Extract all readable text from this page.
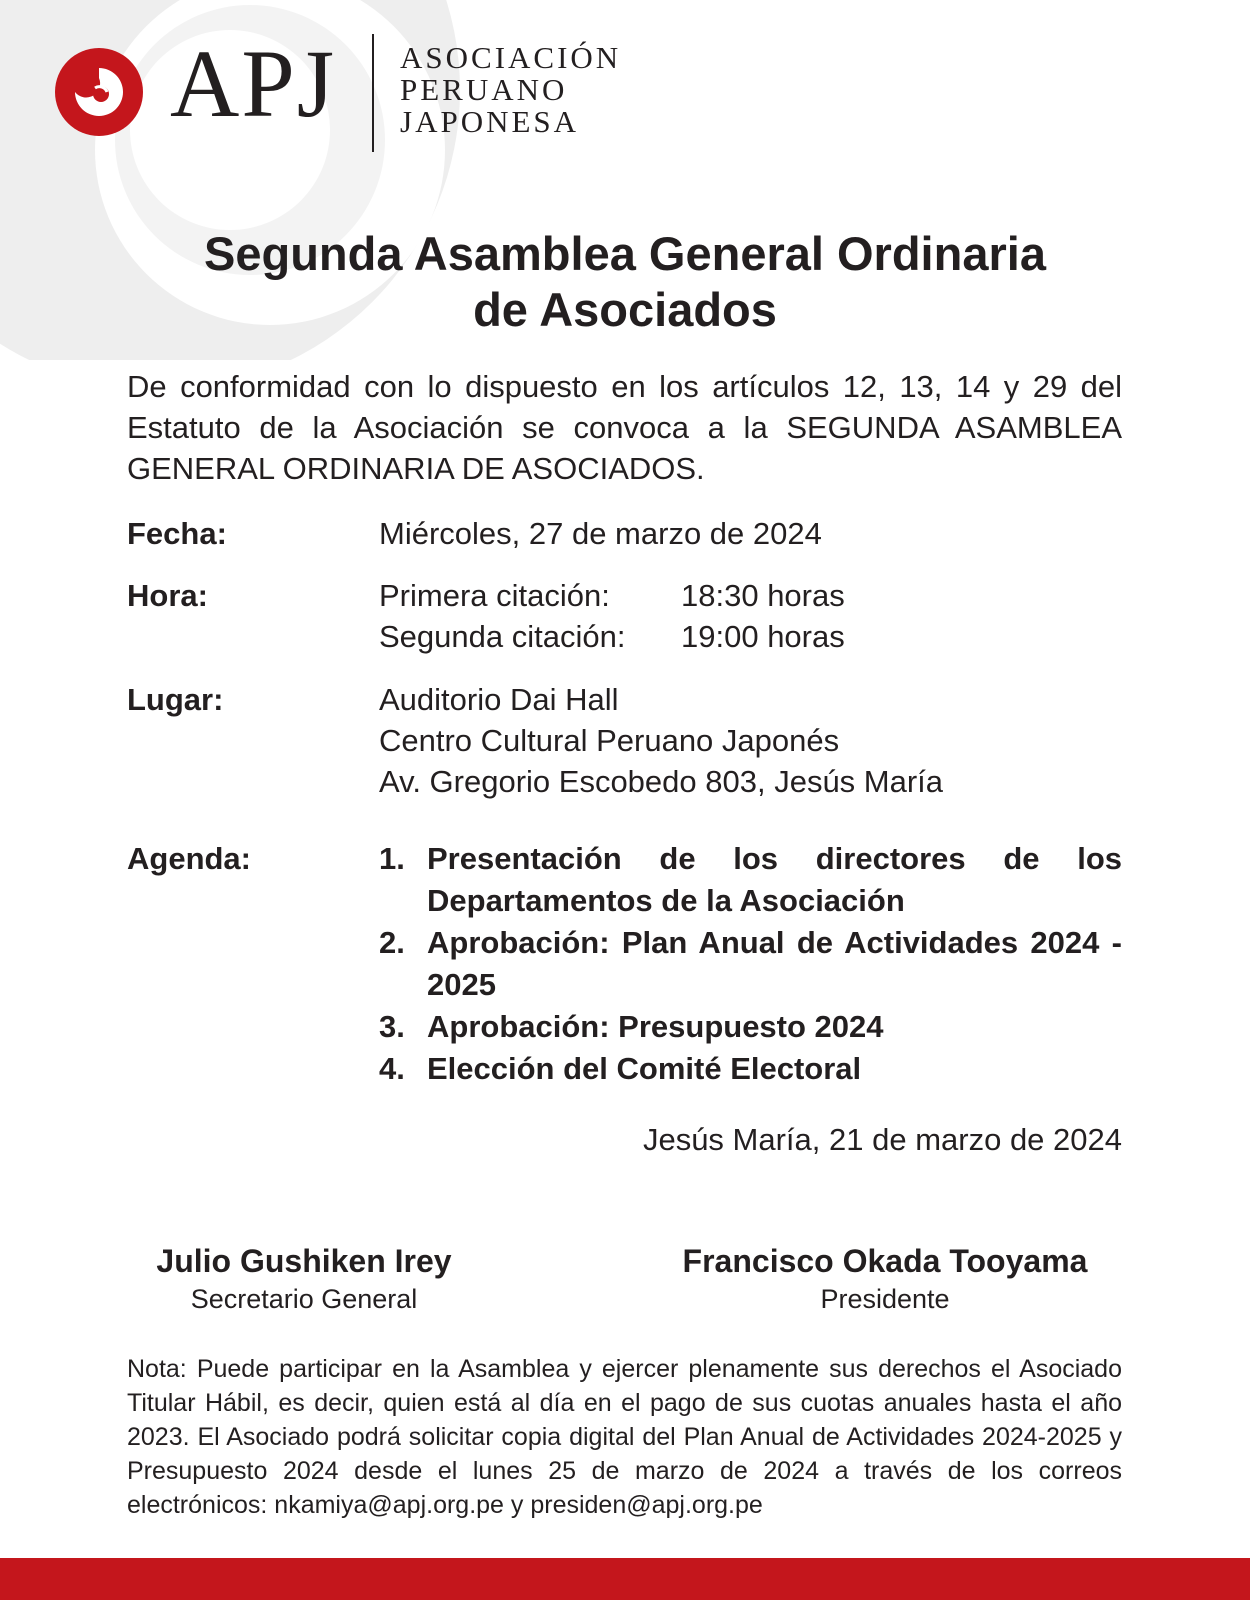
APJ ASOCIACIÓN
PERUANO
JAPONESA
Segunda Asamblea General Ordinaria
de Asociados
De conformidad con lo dispuesto en los artículos 12, 13, 14 y 29 del Estatuto de la Asociación se convoca a la SEGUNDA ASAMBLEA GENERAL ORDINARIA DE ASOCIADOS.
Fecha:	Miércoles, 27 de marzo de 2024
Hora:	Primera citación:	18:30 horas
Segunda citación:	19:00 horas
Lugar:	Auditorio Dai Hall
Centro Cultural Peruano Japonés
Av. Gregorio Escobedo 803, Jesús María
Agenda:	1. Presentación de los directores de los Departamentos de la Asociación
2. Aprobación: Plan Anual de Actividades 2024 - 2025
3. Aprobación: Presupuesto 2024
4. Elección del Comité Electoral
Jesús María, 21 de marzo de 2024
Julio Gushiken Irey
Secretario General
Francisco Okada Tooyama
Presidente
Nota: Puede participar en la Asamblea y ejercer plenamente sus derechos el Asociado Titular Hábil, es decir, quien está al día en el pago de sus cuotas anuales hasta el año 2023. El Asociado podrá solicitar copia digital del Plan Anual de Actividades 2024-2025 y Presupuesto 2024 desde el lunes 25 de marzo de 2024 a través de los correos electrónicos: nkamiya@apj.org.pe y presiden@apj.org.pe
